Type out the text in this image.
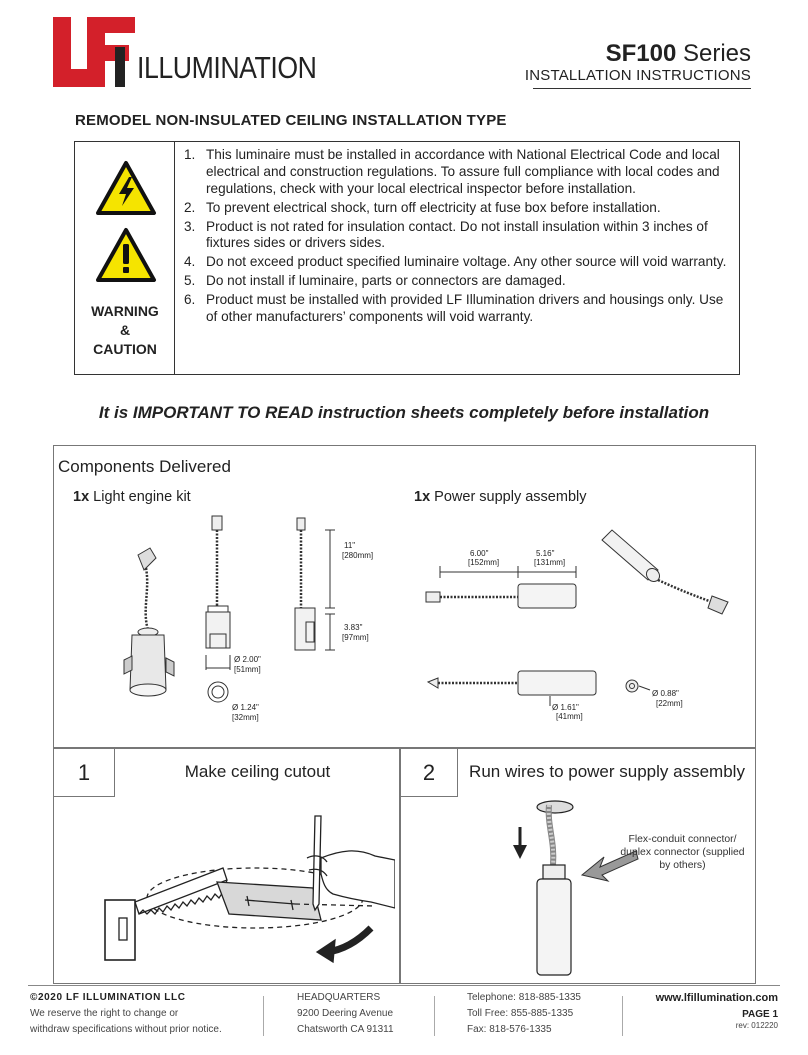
ILLUMINATION	SF100 Series
INSTALLATION INSTRUCTIONS
REMODEL NON-INSULATED CEILING INSTALLATION TYPE
WARNING
&
CAUTION
1. This luminaire must be installed in accordance with National Electrical Code and local electrical and construction regulations. To assure full compliance with local codes and regulations, check with your local electrical inspector before installation.
2. To prevent electrical shock, turn off electricity at fuse box before installation.
3. Product is not rated for insulation contact. Do not install insulation within 3 inches of fixtures sides or drivers sides.
4. Do not exceed product specified luminaire voltage. Any other source will void warranty.
5. Do not install if luminaire, parts or connectors are damaged.
6. Product must be installed with provided LF Illumination drivers and housings only. Use of other manufacturers’ components will void warranty.
It is IMPORTANT TO READ instruction sheets completely before installation
Components Delivered
1x Light engine kit	1x Power supply assembly
11"
[280mm]
3.83"
[97mm]
Ø 2.00"
[51mm]
Ø 1.24"
[32mm]
6.00"
[152mm]
5.16"
[131mm]
Ø 1.61"
[41mm]
Ø 0.88"
[22mm]
1	2
Make ceiling cutout	Run wires to power supply assembly
Flex-conduit connector/ duplex connector (supplied by others)
©2020 LF ILLUMINATION LLC
We reserve the right to change or
withdraw specifications without prior notice.
HEADQUARTERS
9200 Deering Avenue
Chatsworth CA 91311
Telephone: 818-885-1335
Toll Free: 855-885-1335
Fax: 818-576-1335
www.lfillumination.com
PAGE 1
rev: 012220
